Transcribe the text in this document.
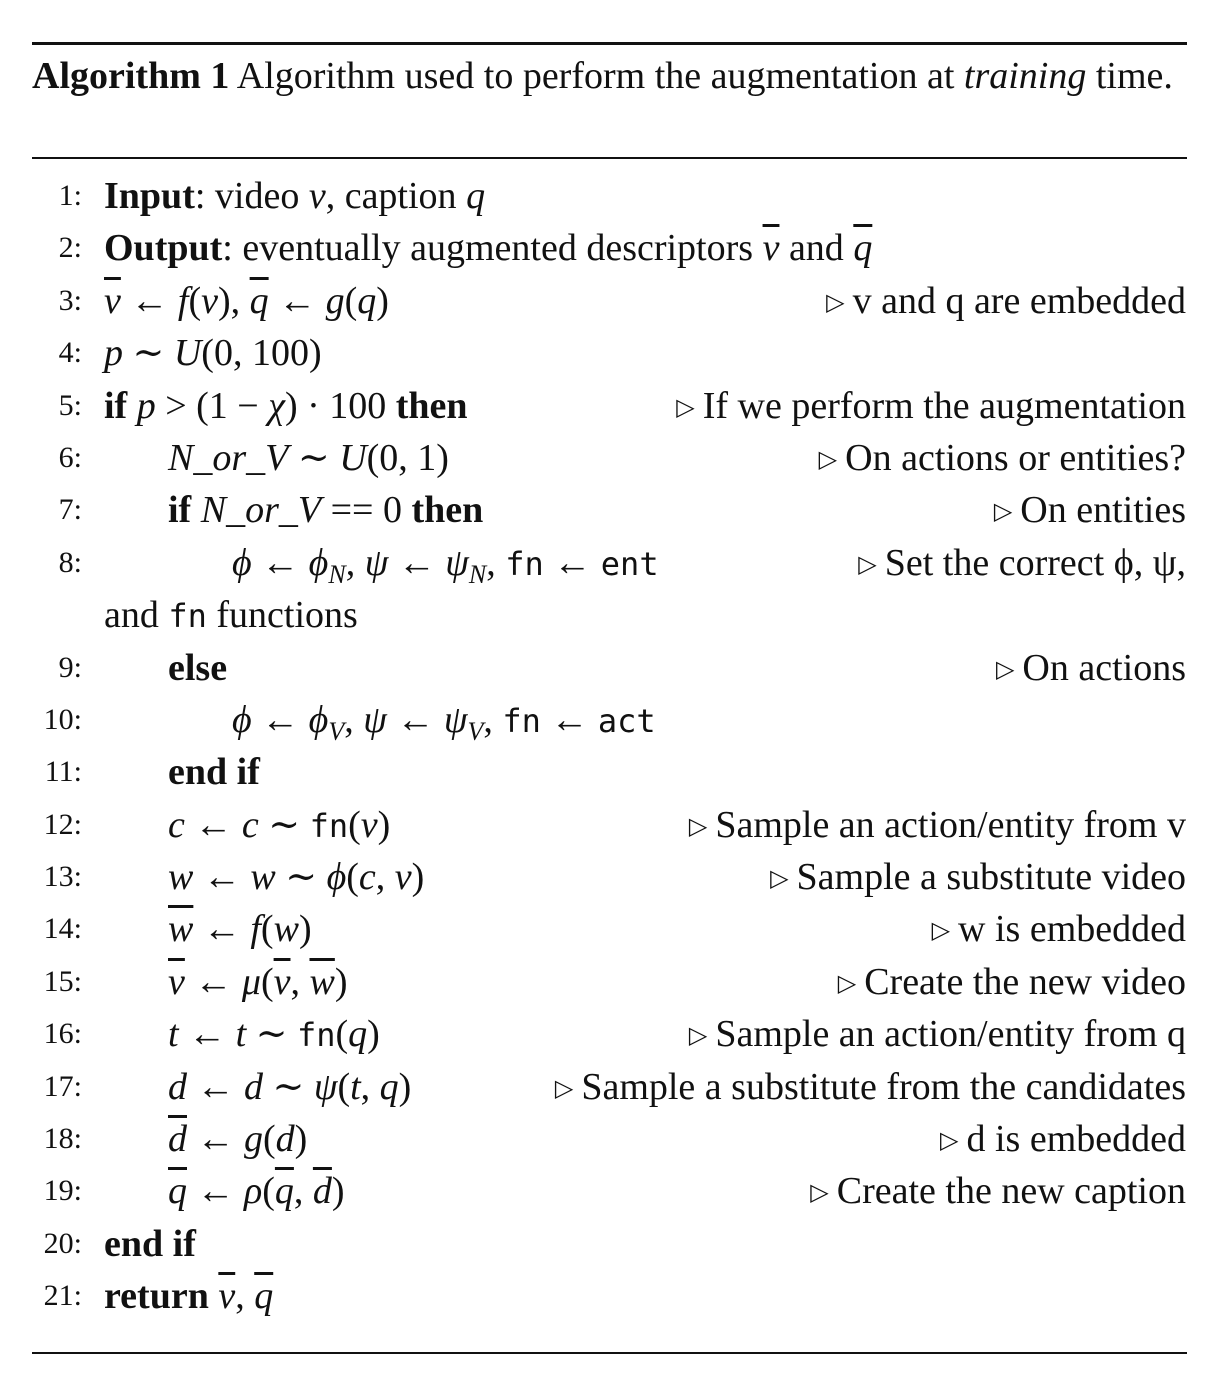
Algorithm 1 Algorithm used to perform the augmentation at training time.
1: Input: video v, caption q
2: Output: eventually augmented descriptors $\overline{v}$ and $\overline{q}$
3: $\overline{v}$ ← f(v), $\overline{q}$ ← g(q)	▷ v and q are embedded
4: p ∼ U(0, 100)
5: if p > (1 − χ) · 100 then	▷ If we perform the augmentation
6: N_or_V ∼ U(0, 1)	▷ On actions or entities?
7: if N_or_V == 0 then	▷ On entities
8:	ϕ ← $\phi_N$, ψ ← $\psi_N$, fn ← ent	▷ Set the correct ϕ, ψ,
and fn functions
9: else	▷ On actions
10:	ϕ ← $\phi_V$, ψ ← $\psi_V$, fn ← act
11: end if
12: c ← c ∼ fn(v)	▷ Sample an action/entity from v
13: w ← w ∼ ϕ(c, v)	▷ Sample a substitute video
14: $\overline{w}$ ← f(w)	▷ w is embedded
15: $\overline{v}$ ← $\mu(\overline{v}$, $\overline{w}$)	▷ Create the new video
16: t ← t ∼ fn(q)	▷ Sample an action/entity from q
17: d ← d ∼ ψ(t, q)	▷ Sample a substitute from the candidates
18: $\overline{d}$ ← g(d)	▷ d is embedded
19: $\overline{q}$ ← $\rho(\overline{q}$, $\overline{d}$)	▷ Create the new caption
20: end if
21: return $\overline{v}$, $\overline{q}$
